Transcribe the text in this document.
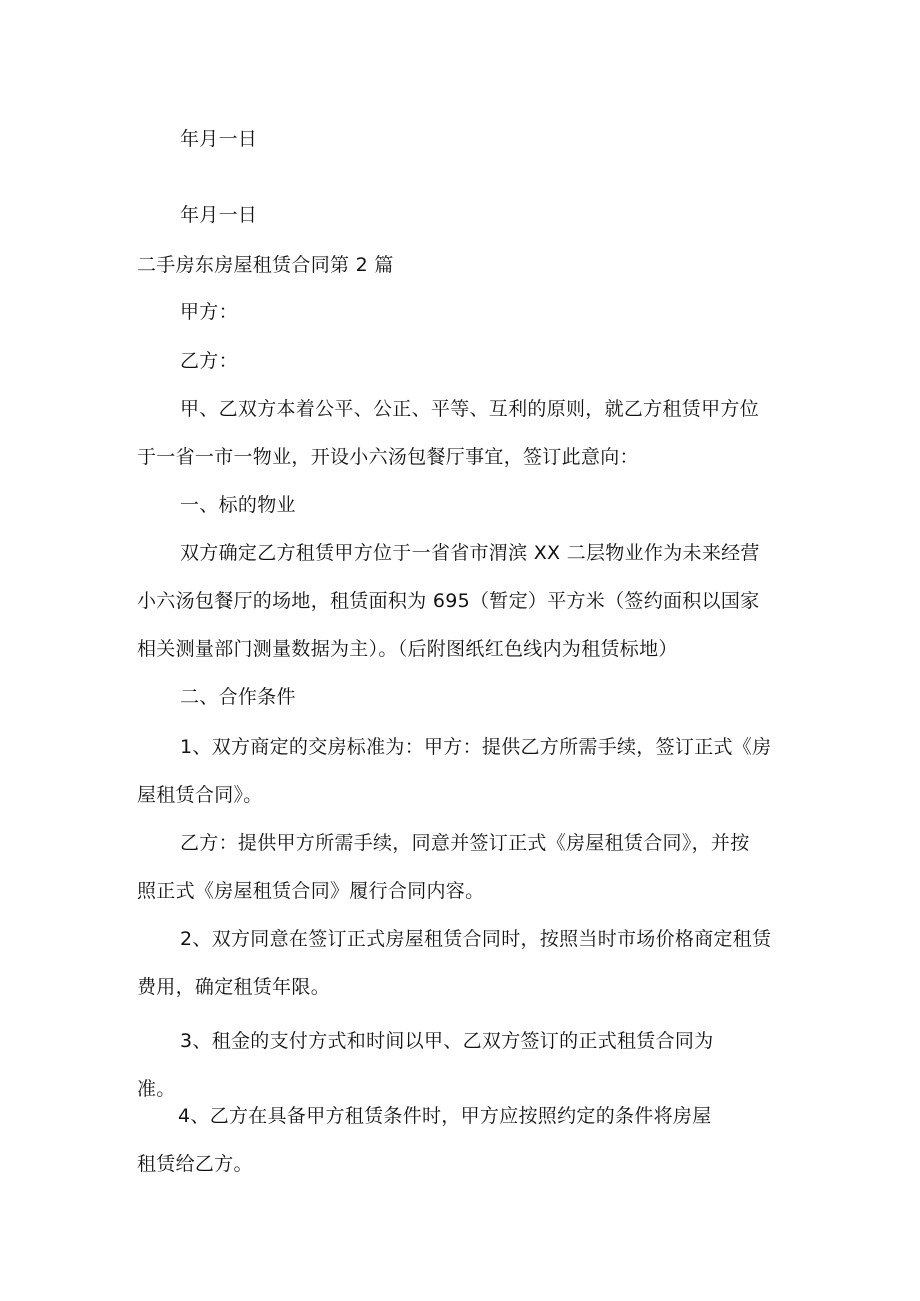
年月一日
年月一日
二手房东房屋租赁合同第 2 篇
甲方：
乙方：
甲、乙双方本着公平、公正、平等、互利的原则，就乙方租赁甲方位
于一省一市一物业，开设小六汤包餐厅事宜，签订此意向：
一、标的物业
双方确定乙方租赁甲方位于一省省市渭滨 XX 二层物业作为未来经营
小六汤包餐厅的场地，租赁面积为 695（暂定）平方米（签约面积以国家
相关测量部门测量数据为主）。（后附图纸红色线内为租赁标地）
二、合作条件
1、双方商定的交房标准为：甲方：提供乙方所需手续，签订正式《房
屋租赁合同》。
乙方：提供甲方所需手续，同意并签订正式《房屋租赁合同》，并按
照正式《房屋租赁合同》履行合同内容。
2、双方同意在签订正式房屋租赁合同时，按照当时市场价格商定租赁
费用，确定租赁年限。
3、租金的支付方式和时间以甲、乙双方签订的正式租赁合同为
准。
4、乙方在具备甲方租赁条件时，甲方应按照约定的条件将房屋
租赁给乙方。
